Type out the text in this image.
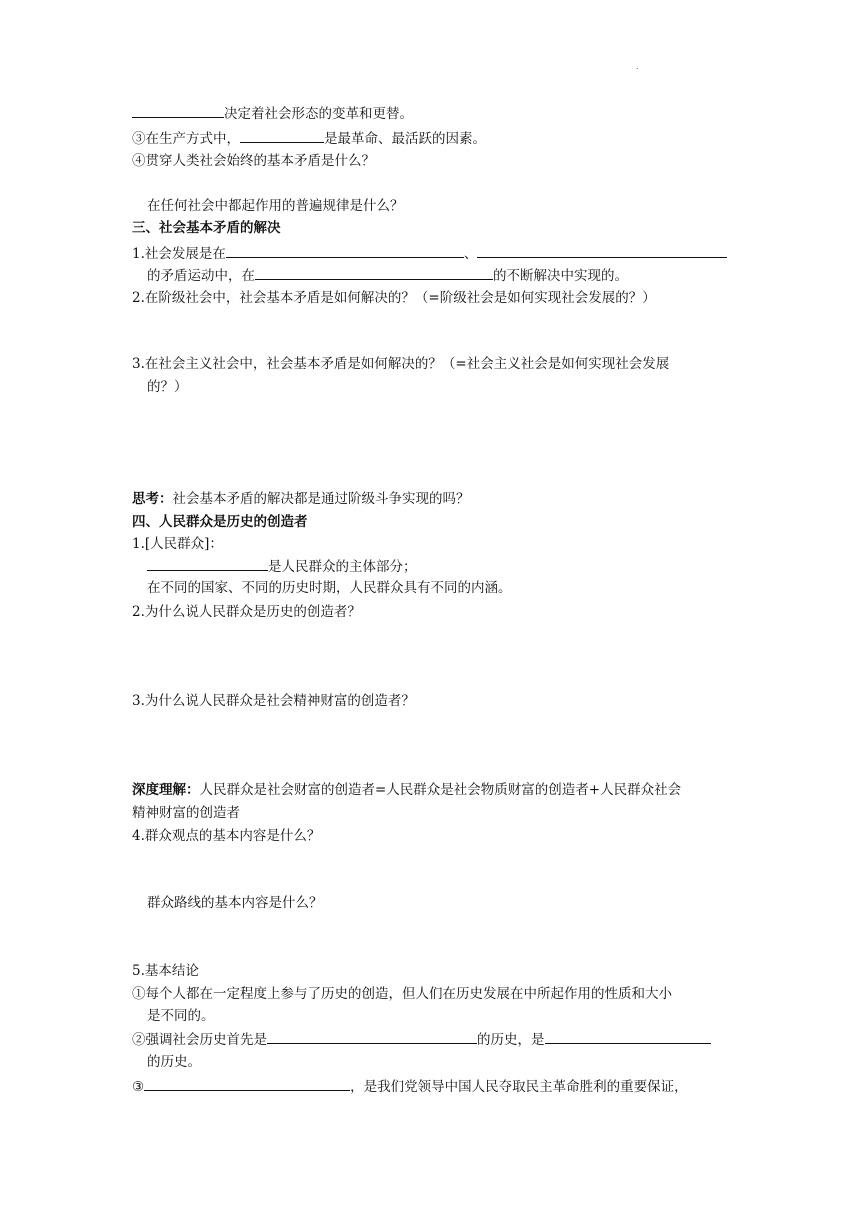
.
决定着社会形态的变革和更替。
③在生产方式中，	是最革命、最活跃的因素。
④贯穿人类社会始终的基本矛盾是什么？
在任何社会中都起作用的普遍规律是什么？
三、社会基本矛盾的解决
1.社会发展是在	、
的矛盾运动中，在	的不断解决中实现的。
2.在阶级社会中，社会基本矛盾是如何解决的？（=阶级社会是如何实现社会发展的？）
3.在社会主义社会中，社会基本矛盾是如何解决的？（=社会主义社会是如何实现社会发展
的？）
思考：社会基本矛盾的解决都是通过阶级斗争实现的吗？
四、人民群众是历史的创造者
1.[人民群众]：
是人民群众的主体部分；
在不同的国家、不同的历史时期，人民群众具有不同的内涵。
2.为什么说人民群众是历史的创造者？
3.为什么说人民群众是社会精神财富的创造者？
深度理解：人民群众是社会财富的创造者=人民群众是社会物质财富的创造者+人民群众社会
精神财富的创造者
4.群众观点的基本内容是什么？
群众路线的基本内容是什么？
5.基本结论
①每个人都在一定程度上参与了历史的创造，但人们在历史发展在中所起作用的性质和大小
是不同的。
②强调社会历史首先是	的历史，是
的历史。
③	，是我们党领导中国人民夺取民主革命胜利的重要保证，
